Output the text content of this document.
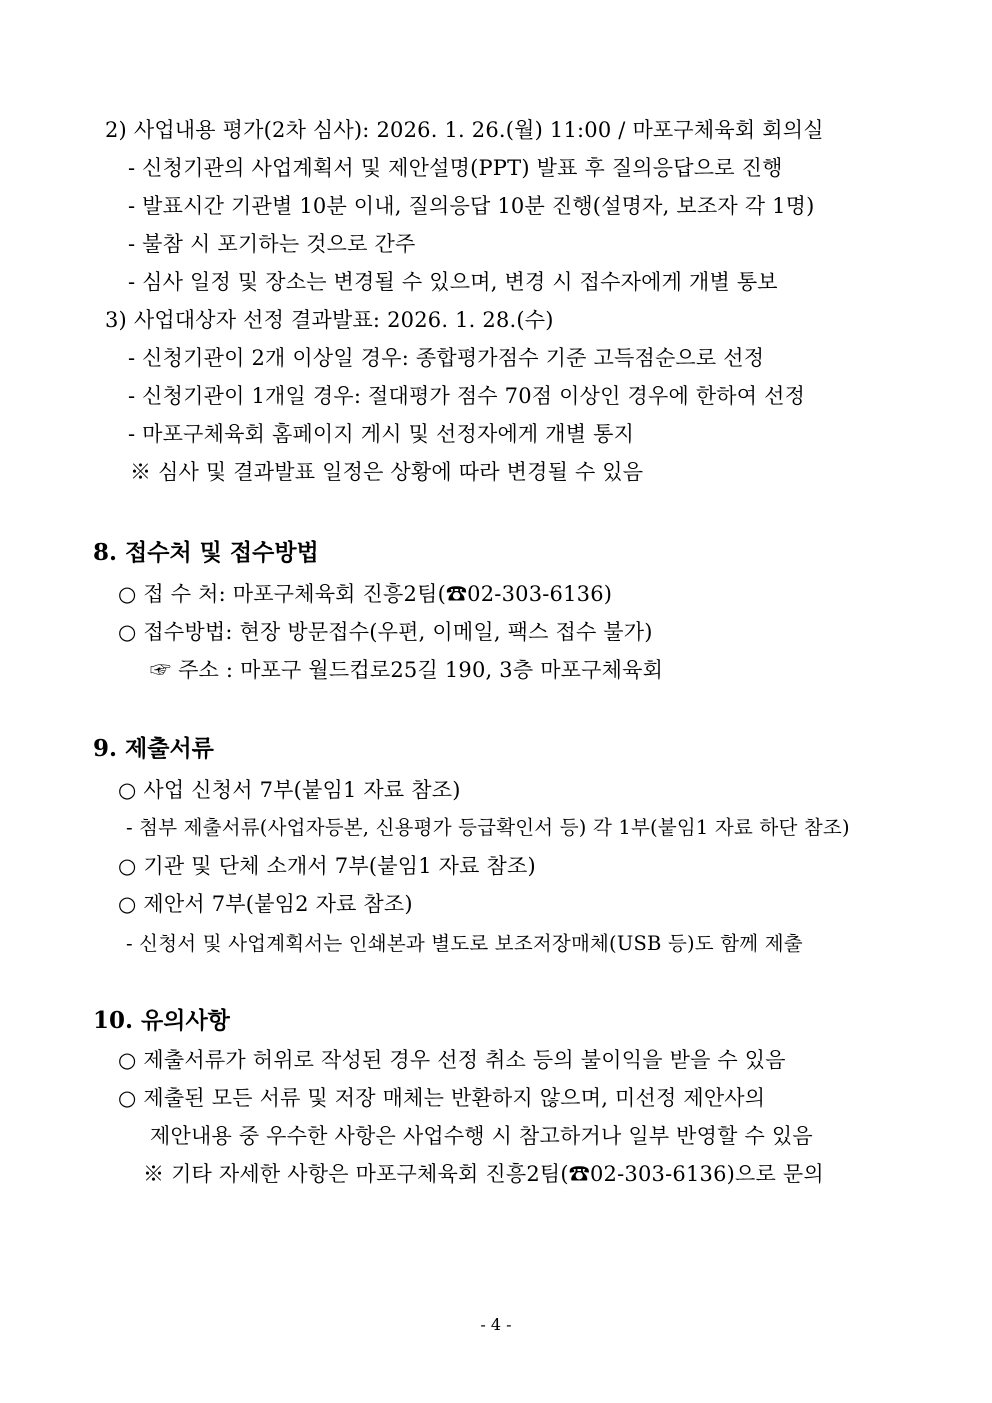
2) 사업내용 평가(2차 심사): 2026. 1. 26.(월) 11:00 / 마포구체육회 회의실
- 신청기관의 사업계획서 및 제안설명(PPT) 발표 후 질의응답으로 진행
- 발표시간 기관별 10분 이내, 질의응답 10분 진행(설명자, 보조자 각 1명)
- 불참 시 포기하는 것으로 간주
- 심사 일정 및 장소는 변경될 수 있으며, 변경 시 접수자에게 개별 통보
3) 사업대상자 선정 결과발표: 2026. 1. 28.(수)
- 신청기관이 2개 이상일 경우: 종합평가점수 기준 고득점순으로 선정
- 신청기관이 1개일 경우: 절대평가 점수 70점 이상인 경우에 한하여 선정
- 마포구체육회 홈페이지 게시 및 선정자에게 개별 통지
※ 심사 및 결과발표 일정은 상황에 따라 변경될 수 있음
8. 접수처 및 접수방법
○ 접 수 처: 마포구체육회 진흥2팀(☎02-303-6136)
○ 접수방법: 현장 방문접수(우편, 이메일, 팩스 접수 불가)
☞ 주소 : 마포구 월드컵로25길 190, 3층 마포구체육회
9. 제출서류
○ 사업 신청서 7부(붙임1 자료 참조)
- 첨부 제출서류(사업자등본, 신용평가 등급확인서 등) 각 1부(붙임1 자료 하단 참조)
○ 기관 및 단체 소개서 7부(붙임1 자료 참조)
○ 제안서 7부(붙임2 자료 참조)
- 신청서 및 사업계획서는 인쇄본과 별도로 보조저장매체(USB 등)도 함께 제출
10. 유의사항
○ 제출서류가 허위로 작성된 경우 선정 취소 등의 불이익을 받을 수 있음
○ 제출된 모든 서류 및 저장 매체는 반환하지 않으며, 미선정 제안사의
제안내용 중 우수한 사항은 사업수행 시 참고하거나 일부 반영할 수 있음
※ 기타 자세한 사항은 마포구체육회 진흥2팀(☎02-303-6136)으로 문의
- 4 -
